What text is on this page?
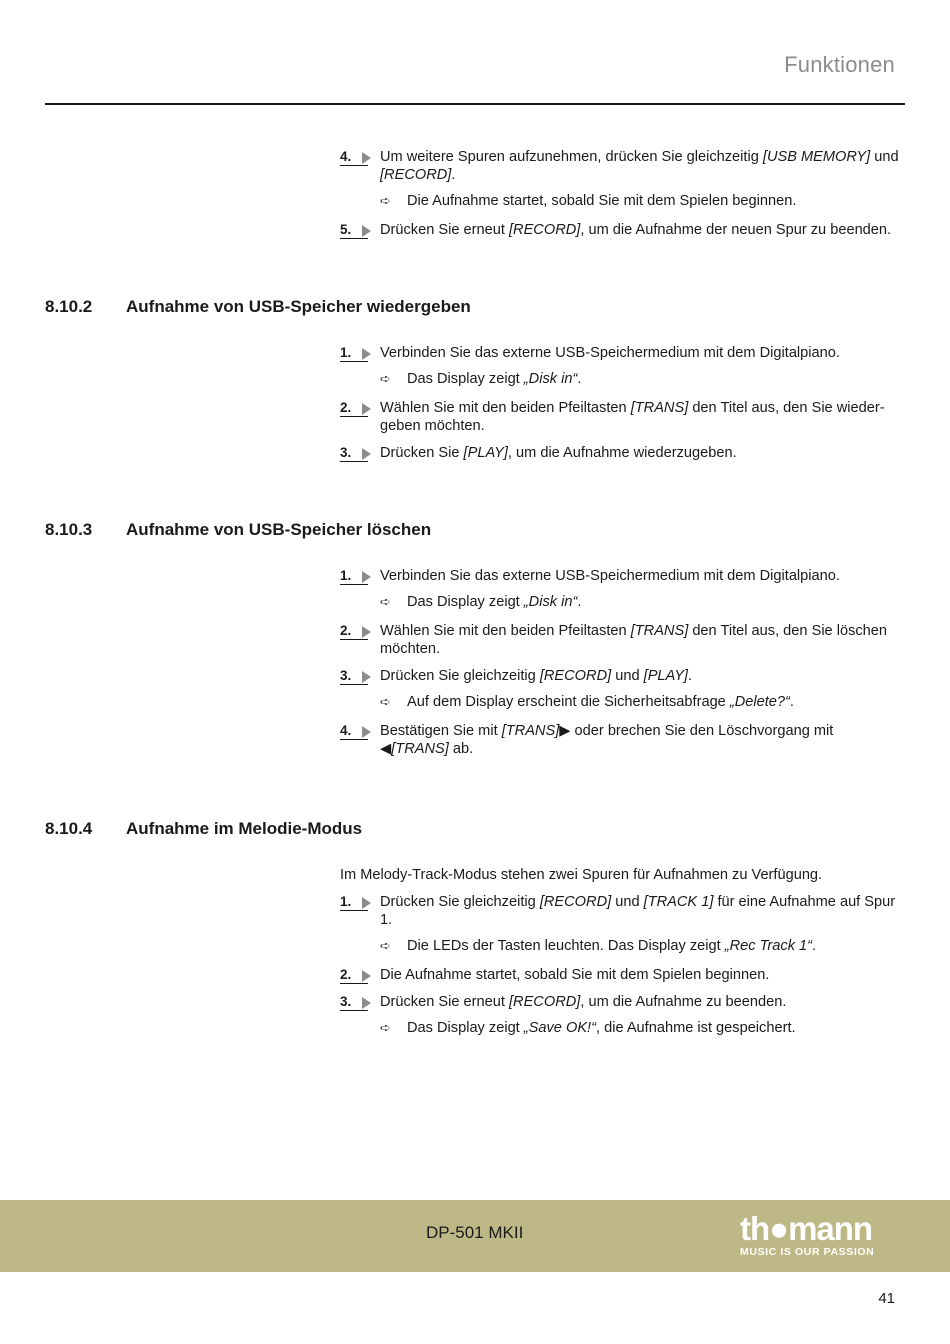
Funktionen
4.	Um weitere Spuren aufzunehmen, drücken Sie gleichzeitig [USB MEMORY] und [RECORD].
➪ Die Aufnahme startet, sobald Sie mit dem Spielen beginnen.
5.	Drücken Sie erneut [RECORD], um die Aufnahme der neuen Spur zu beenden.
8.10.2 Aufnahme von USB-Speicher wiedergeben
1.	Verbinden Sie das externe USB-Speichermedium mit dem Digitalpiano.
➪ Das Display zeigt „Disk in“.
2.	Wählen Sie mit den beiden Pfeiltasten [TRANS] den Titel aus, den Sie wieder-geben möchten.
3.	Drücken Sie [PLAY], um die Aufnahme wiederzugeben.
8.10.3 Aufnahme von USB-Speicher löschen
1.	Verbinden Sie das externe USB-Speichermedium mit dem Digitalpiano.
➪ Das Display zeigt „Disk in“.
2.	Wählen Sie mit den beiden Pfeiltasten [TRANS] den Titel aus, den Sie löschen möchten.
3.	Drücken Sie gleichzeitig [RECORD] und [PLAY].
➪ Auf dem Display erscheint die Sicherheitsabfrage „Delete?“.
4.	Bestätigen Sie mit [TRANS]▶ oder brechen Sie den Löschvorgang mit ◀[TRANS] ab.
8.10.4 Aufnahme im Melodie-Modus
Im Melody-Track-Modus stehen zwei Spuren für Aufnahmen zu Verfügung.
1.	Drücken Sie gleichzeitig [RECORD] und [TRACK 1] für eine Aufnahme auf Spur 1.
➪ Die LEDs der Tasten leuchten. Das Display zeigt „Rec Track 1“.
2.	Die Aufnahme startet, sobald Sie mit dem Spielen beginnen.
3.	Drücken Sie erneut [RECORD], um die Aufnahme zu beenden.
➪ Das Display zeigt „Save OK!“, die Aufnahme ist gespeichert.
DP-501 MKII	th●mann
MUSIC IS OUR PASSION
41
